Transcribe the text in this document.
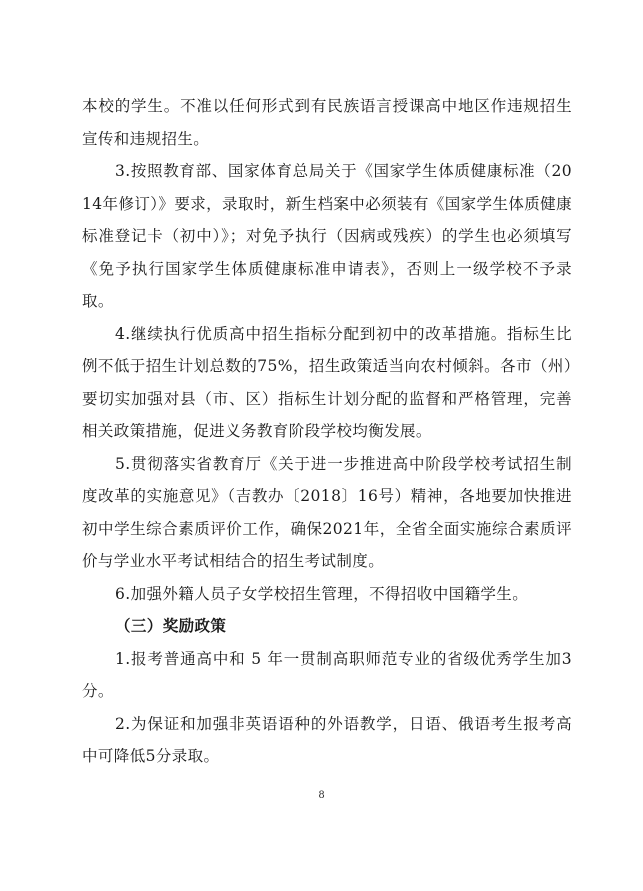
本校的学生。不准以任何形式到有民族语言授课高中地区作违规招生宣传和违规招生。

3.按照教育部、国家体育总局关于《国家学生体质健康标准（2014年修订）》要求，录取时，新生档案中必须装有《国家学生体质健康标准登记卡（初中）》；对免予执行（因病或残疾）的学生也必须填写《免予执行国家学生体质健康标准申请表》，否则上一级学校不予录取。

4.继续执行优质高中招生指标分配到初中的改革措施。指标生比例不低于招生计划总数的75%，招生政策适当向农村倾斜。各市（州）要切实加强对县（市、区）指标生计划分配的监督和严格管理，完善相关政策措施，促进义务教育阶段学校均衡发展。

5.贯彻落实省教育厅《关于进一步推进高中阶段学校考试招生制度改革的实施意见》（吉教办〔2018〕16号）精神，各地要加快推进初中学生综合素质评价工作，确保2021年，全省全面实施综合素质评价与学业水平考试相结合的招生考试制度。

6.加强外籍人员子女学校招生管理，不得招收中国籍学生。

（三）奖励政策

1.报考普通高中和 5 年一贯制高职师范专业的省级优秀学生加3分。

2.为保证和加强非英语语种的外语教学，日语、俄语考生报考高中可降低5分录取。

8
